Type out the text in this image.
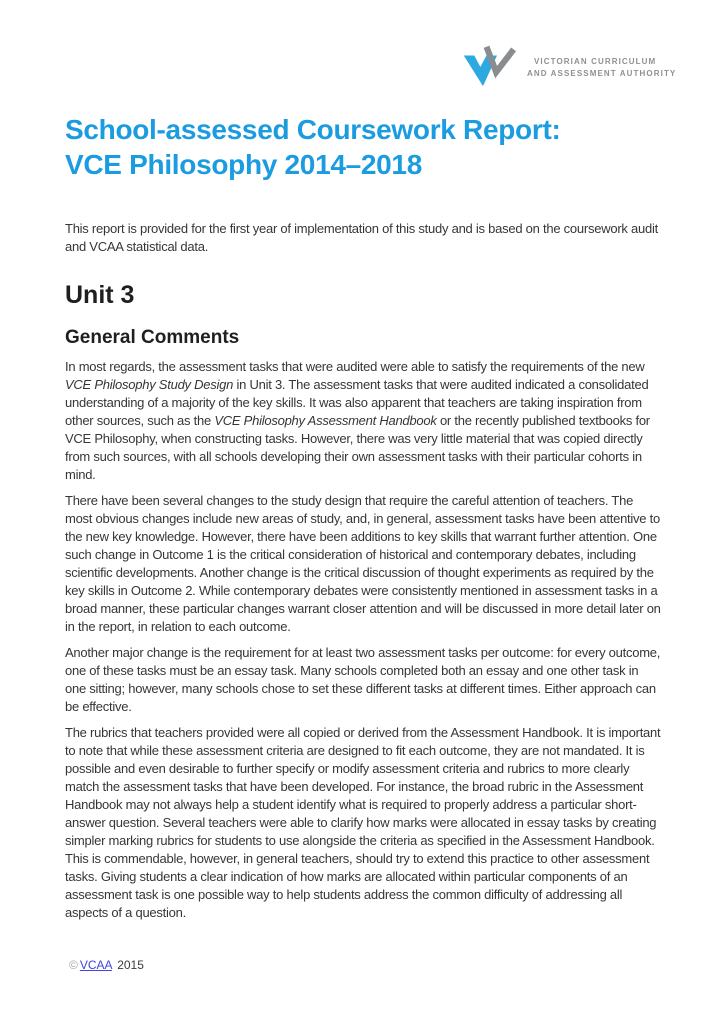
VICTORIAN CURRICULUM
AND ASSESSMENT AUTHORITY
School-assessed Coursework Report:
VCE Philosophy 2014–2018

This report is provided for the first year of implementation of this study and is based on the coursework audit and VCAA statistical data.

Unit 3
General Comments

In most regards, the assessment tasks that were audited were able to satisfy the requirements of the new VCE Philosophy Study Design in Unit 3. The assessment tasks that were audited indicated a consolidated understanding of a majority of the key skills. It was also apparent that teachers are taking inspiration from other sources, such as the VCE Philosophy Assessment Handbook or the recently published textbooks for VCE Philosophy, when constructing tasks. However, there was very little material that was copied directly from such sources, with all schools developing their own assessment tasks with their particular cohorts in mind.

There have been several changes to the study design that require the careful attention of teachers. The most obvious changes include new areas of study, and, in general, assessment tasks have been attentive to the new key knowledge. However, there have been additions to key skills that warrant further attention. One such change in Outcome 1 is the critical consideration of historical and contemporary debates, including scientific developments. Another change is the critical discussion of thought experiments as required by the key skills in Outcome 2. While contemporary debates were consistently mentioned in assessment tasks in a broad manner, these particular changes warrant closer attention and will be discussed in more detail later on in the report, in relation to each outcome.

Another major change is the requirement for at least two assessment tasks per outcome: for every outcome, one of these tasks must be an essay task. Many schools completed both an essay and one other task in one sitting; however, many schools chose to set these different tasks at different times. Either approach can be effective.

The rubrics that teachers provided were all copied or derived from the Assessment Handbook. It is important to note that while these assessment criteria are designed to fit each outcome, they are not mandated. It is possible and even desirable to further specify or modify assessment criteria and rubrics to more clearly match the assessment tasks that have been developed. For instance, the broad rubric in the Assessment Handbook may not always help a student identify what is required to properly address a particular short-answer question. Several teachers were able to clarify how marks were allocated in essay tasks by creating simpler marking rubrics for students to use alongside the criteria as specified in the Assessment Handbook. This is commendable, however, in general teachers, should try to extend this practice to other assessment tasks. Giving students a clear indication of how marks are allocated within particular components of an assessment task is one possible way to help students address the common difficulty of addressing all aspects of a question.

© VCAA 2015
